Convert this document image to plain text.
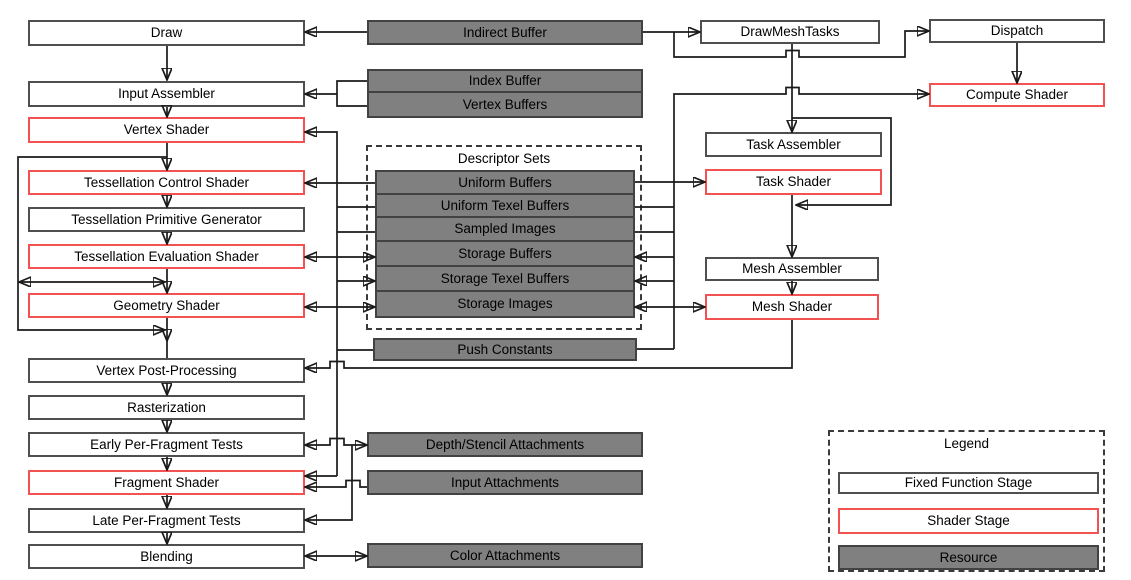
Draw
Input Assembler
Vertex Shader
Tessellation Control Shader
Tessellation Primitive Generator
Tessellation Evaluation Shader
Geometry Shader
Vertex Post-Processing
Rasterization
Early Per-Fragment Tests
Fragment Shader
Late Per-Fragment Tests
Blending
Indirect Buffer
Index Buffer
Vertex Buffers
Descriptor Sets
Uniform Buffers
Uniform Texel Buffers
Sampled Images
Storage Buffers
Storage Texel Buffers
Storage Images
Push Constants
Depth/Stencil Attachments
Input Attachments
Color Attachments
DrawMeshTasks	Dispatch
Compute Shader
Task Assembler
Task Shader
Mesh Assembler
Mesh Shader
Legend
Fixed Function Stage
Shader Stage
Resource
